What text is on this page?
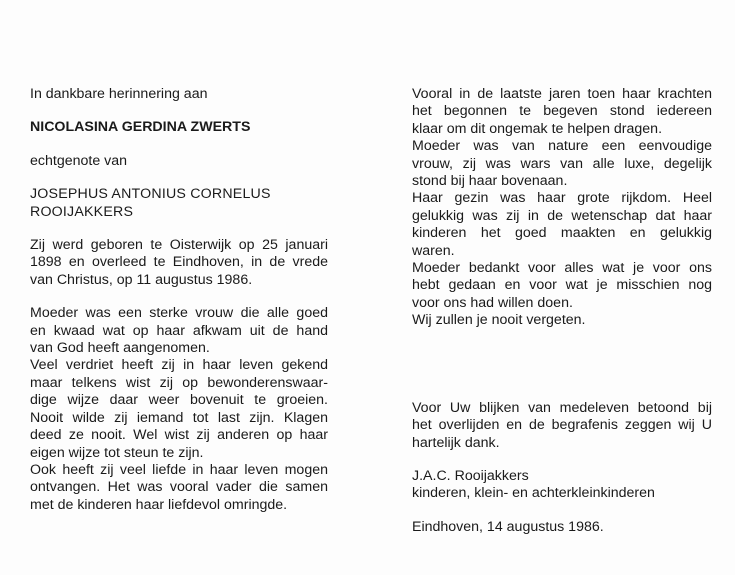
In dankbare herinnering aan
NICOLASINA GERDINA ZWERTS
echtgenote van
JOSEPHUS ANTONIUS CORNELUS
ROOIJAKKERS
Zij werd geboren te Oisterwijk op 25 januari
1898 en overleed te Eindhoven, in de vrede
van Christus, op 11 augustus 1986.
Moeder was een sterke vrouw die alle goed
en kwaad wat op haar afkwam uit de hand
van God heeft aangenomen.
Veel verdriet heeft zij in haar leven gekend
maar telkens wist zij op bewonderenswaar-
dige wijze daar weer bovenuit te groeien.
Nooit wilde zij iemand tot last zijn. Klagen
deed ze nooit. Wel wist zij anderen op haar
eigen wijze tot steun te zijn.
Ook heeft zij veel liefde in haar leven mogen
ontvangen. Het was vooral vader die samen
met de kinderen haar liefdevol omringde.
Vooral in de laatste jaren toen haar krachten
het begonnen te begeven stond iedereen
klaar om dit ongemak te helpen dragen.
Moeder was van nature een eenvoudige
vrouw, zij was wars van alle luxe, degelijk
stond bij haar bovenaan.
Haar gezin was haar grote rijkdom. Heel
gelukkig was zij in de wetenschap dat haar
kinderen het goed maakten en gelukkig
waren.
Moeder bedankt voor alles wat je voor ons
hebt gedaan en voor wat je misschien nog
voor ons had willen doen.
Wij zullen je nooit vergeten.
Voor Uw blijken van medeleven betoond bij
het overlijden en de begrafenis zeggen wij U
hartelijk dank.
J.A.C. Rooijakkers
kinderen, klein- en achterkleinkinderen
Eindhoven, 14 augustus 1986.
